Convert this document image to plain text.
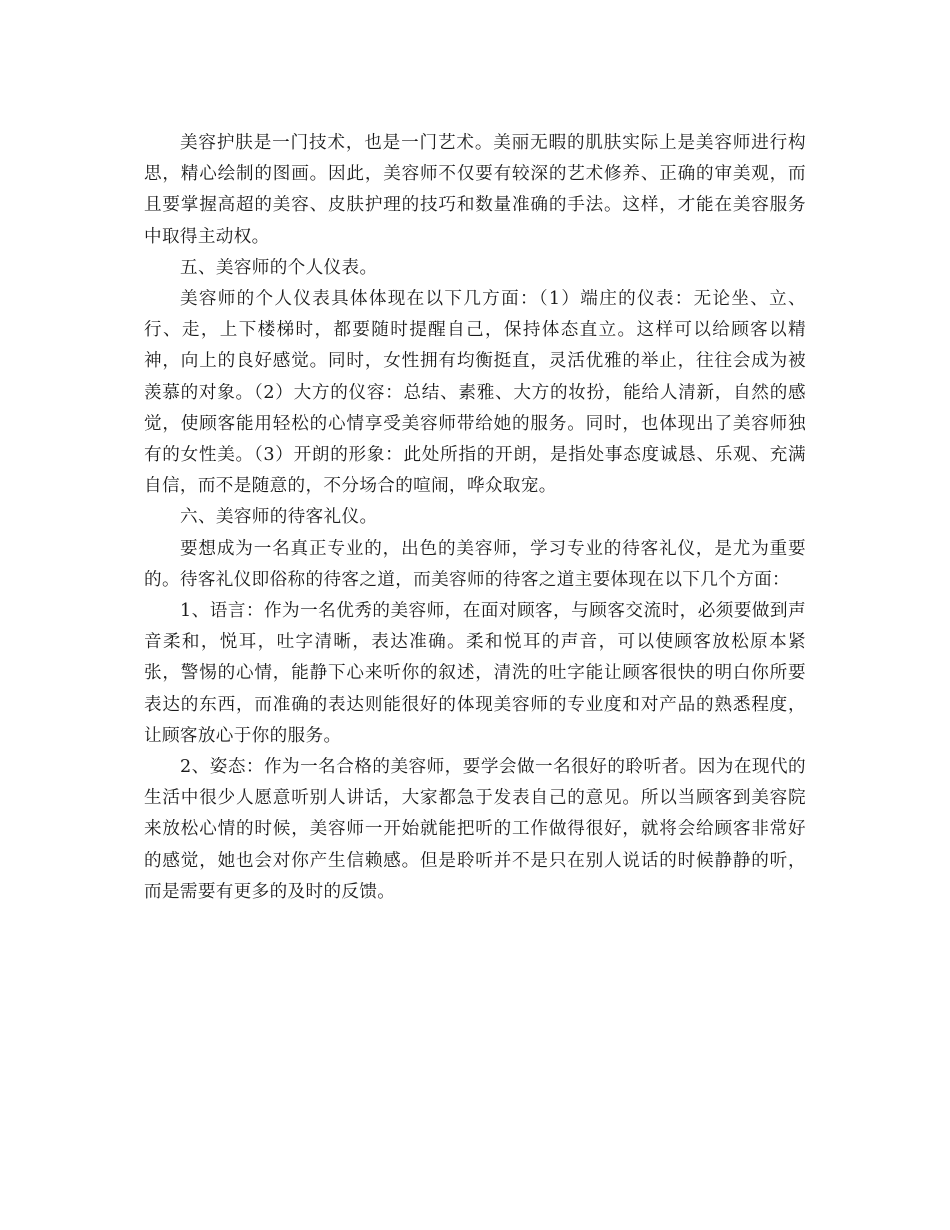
美容护肤是一门技术，也是一门艺术。美丽无暇的肌肤实际上是美容师进行构思，精心绘制的图画。因此，美容师不仅要有较深的艺术修养、正确的审美观，而且要掌握高超的美容、皮肤护理的技巧和数量准确的手法。这样，才能在美容服务中取得主动权。

五、美容师的个人仪表。

美容师的个人仪表具体体现在以下几方面：（1）端庄的仪表：无论坐、立、行、走，上下楼梯时，都要随时提醒自己，保持体态直立。这样可以给顾客以精神，向上的良好感觉。同时，女性拥有均衡挺直，灵活优雅的举止，往往会成为被羡慕的对象。（2）大方的仪容：总结、素雅、大方的妆扮，能给人清新，自然的感觉，使顾客能用轻松的心情享受美容师带给她的服务。同时，也体现出了美容师独有的女性美。（3）开朗的形象：此处所指的开朗，是指处事态度诚恳、乐观、充满自信，而不是随意的，不分场合的喧闹，哗众取宠。

六、美容师的待客礼仪。

要想成为一名真正专业的，出色的美容师，学习专业的待客礼仪，是尤为重要的。待客礼仪即俗称的待客之道，而美容师的待客之道主要体现在以下几个方面：

1、语言：作为一名优秀的美容师，在面对顾客，与顾客交流时，必须要做到声音柔和，悦耳，吐字清晰，表达准确。柔和悦耳的声音，可以使顾客放松原本紧张，警惕的心情，能静下心来听你的叙述，清洗的吐字能让顾客很快的明白你所要表达的东西，而准确的表达则能很好的体现美容师的专业度和对产品的熟悉程度，让顾客放心于你的服务。

2、姿态：作为一名合格的美容师，要学会做一名很好的聆听者。因为在现代的生活中很少人愿意听别人讲话，大家都急于发表自己的意见。所以当顾客到美容院来放松心情的时候，美容师一开始就能把听的工作做得很好，就将会给顾客非常好的感觉，她也会对你产生信赖感。但是聆听并不是只在别人说话的时候静静的听，而是需要有更多的及时的反馈。
